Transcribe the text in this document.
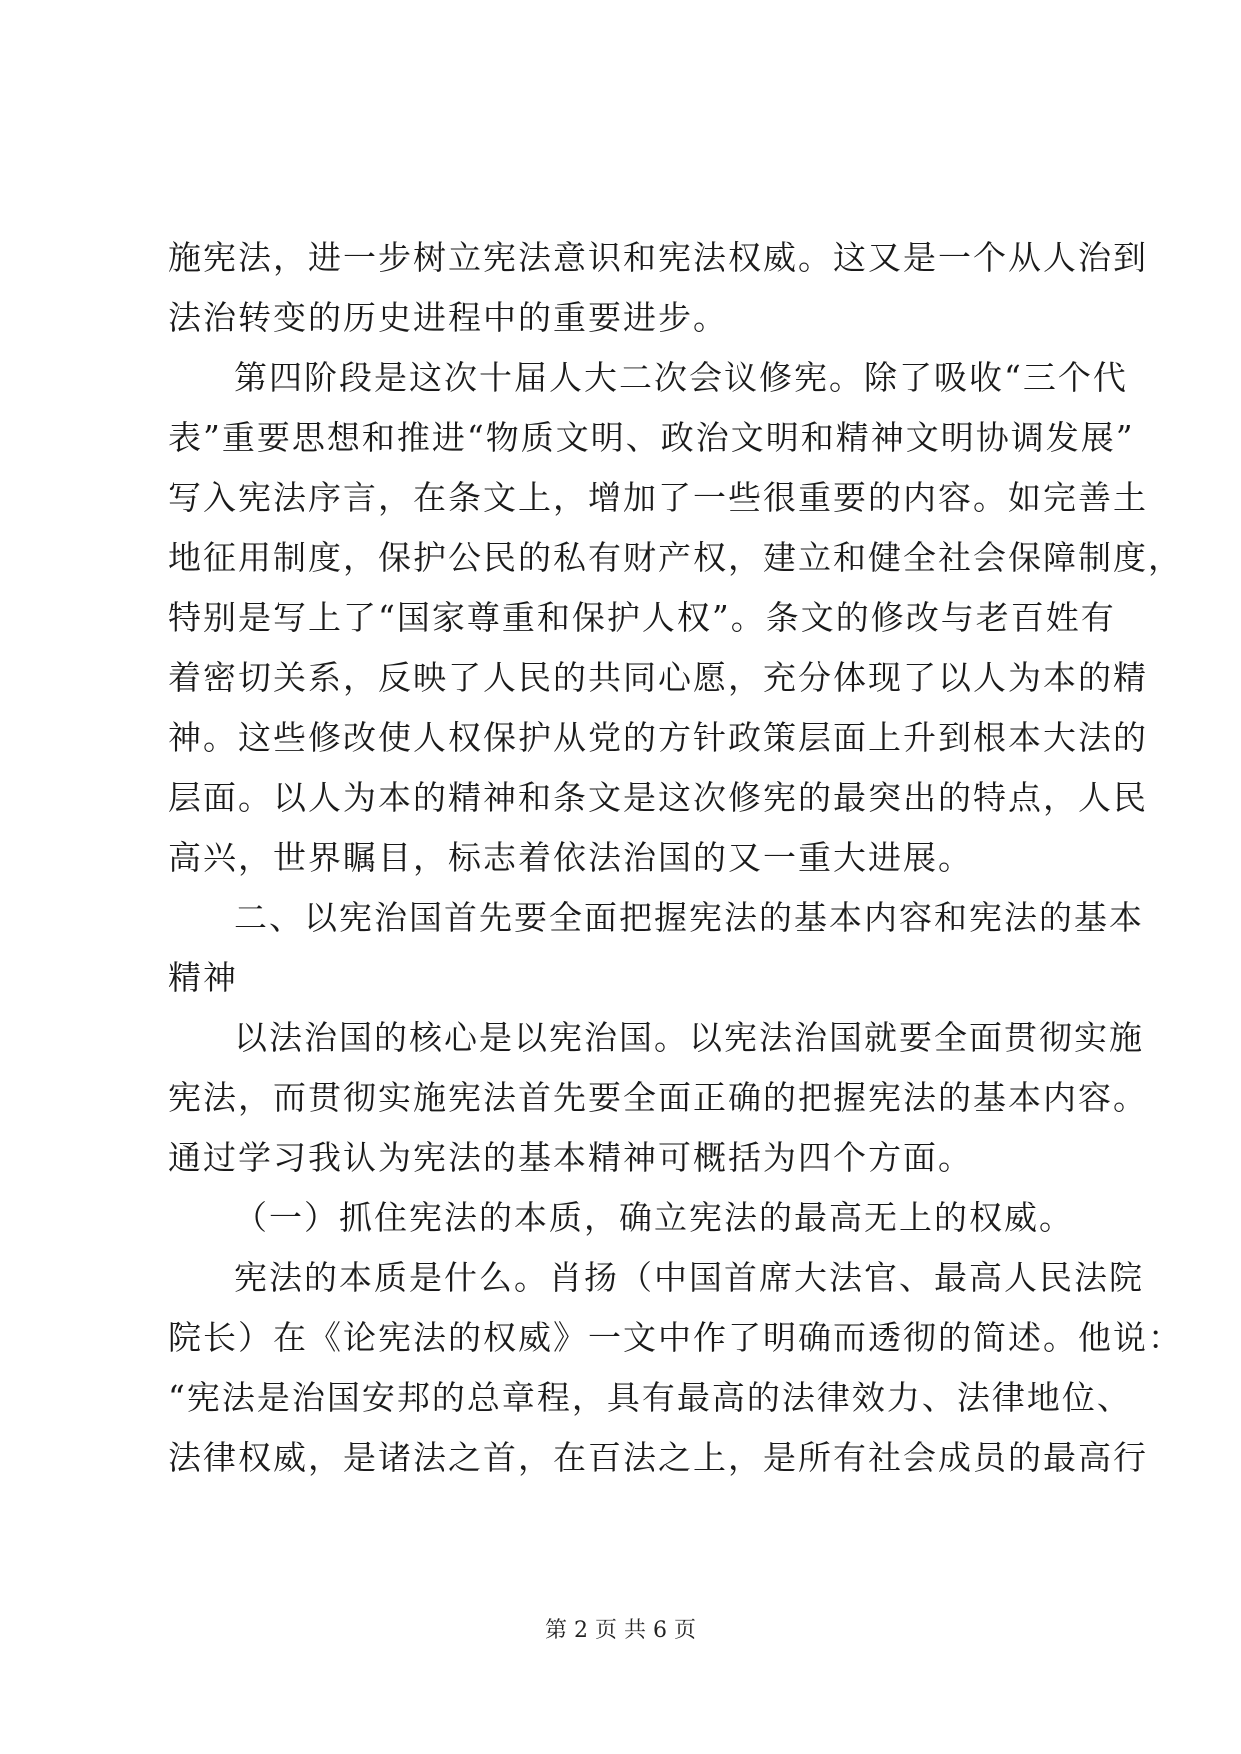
施宪法，进一步树立宪法意识和宪法权威。这又是一个从人治到
法治转变的历史进程中的重要进步。
第四阶段是这次十届人大二次会议修宪。除了吸收“三个代
表”重要思想和推进“物质文明、政治文明和精神文明协调发展”
写入宪法序言，在条文上，增加了一些很重要的内容。如完善土
地征用制度，保护公民的私有财产权，建立和健全社会保障制度，
特别是写上了“国家尊重和保护人权”。条文的修改与老百姓有
着密切关系，反映了人民的共同心愿，充分体现了以人为本的精
神。这些修改使人权保护从党的方针政策层面上升到根本大法的
层面。以人为本的精神和条文是这次修宪的最突出的特点，人民
高兴，世界瞩目，标志着依法治国的又一重大进展。
二、以宪治国首先要全面把握宪法的基本内容和宪法的基本
精神
以法治国的核心是以宪治国。以宪法治国就要全面贯彻实施
宪法，而贯彻实施宪法首先要全面正确的把握宪法的基本内容。
通过学习我认为宪法的基本精神可概括为四个方面。
（一）抓住宪法的本质，确立宪法的最高无上的权威。
宪法的本质是什么。肖扬（中国首席大法官、最高人民法院
院长）在《论宪法的权威》一文中作了明确而透彻的简述。他说：
“宪法是治国安邦的总章程，具有最高的法律效力、法律地位、
法律权威，是诸法之首，在百法之上，是所有社会成员的最高行
第 2 页 共 6 页
